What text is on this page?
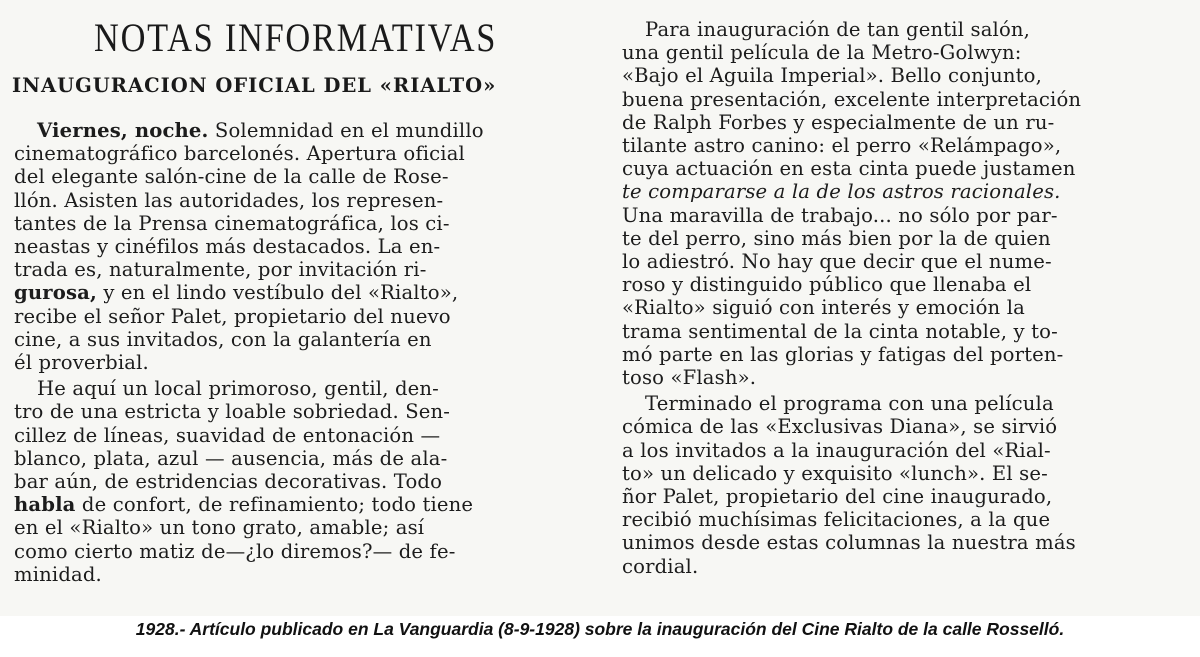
NOTAS INFORMATIVAS
INAUGURACION OFICIAL DEL «RIALTO»
Viernes, noche. Solemnidad en el mundillo
cinematográfico barcelonés. Apertura oficial
del elegante salón-cine de la calle de Rose-
llón. Asisten las autoridades, los represen-
tantes de la Prensa cinematográfica, los ci-
neastas y cinéfilos más destacados. La en-
trada es, naturalmente, por invitación ri-
gurosa, y en el lindo vestíbulo del «Rialto»,
recibe el señor Palet, propietario del nuevo
cine, a sus invitados, con la galantería en
él proverbial.
He aquí un local primoroso, gentil, den-
tro de una estricta y loable sobriedad. Sen-
cillez de líneas, suavidad de entonación —
blanco, plata, azul — ausencia, más de ala-
bar aún, de estridencias decorativas. Todo
habla de confort, de refinamiento; todo tiene
en el «Rialto» un tono grato, amable; así
como cierto matiz de—¿lo diremos?— de fe-
minidad.
Para inauguración de tan gentil salón,
una gentil película de la Metro-Golwyn:
«Bajo el Aguila Imperial». Bello conjunto,
buena presentación, excelente interpretación
de Ralph Forbes y especialmente de un ru-
tilante astro canino: el perro «Relámpago»,
cuya actuación en esta cinta puede justamen
te compararse a la de los astros racionales.
Una maravilla de trabajo... no sólo por par-
te del perro, sino más bien por la de quien
lo adiestró. No hay que decir que el nume-
roso y distinguido público que llenaba el
«Rialto» siguió con interés y emoción la
trama sentimental de la cinta notable, y to-
mó parte en las glorias y fatigas del porten-
toso «Flash».
Terminado el programa con una película
cómica de las «Exclusivas Diana», se sirvió
a los invitados a la inauguración del «Rial-
to» un delicado y exquisito «lunch». El se-
ñor Palet, propietario del cine inaugurado,
recibió muchísimas felicitaciones, a la que
unimos desde estas columnas la nuestra más
cordial.
1928.- Artículo publicado en La Vanguardia (8-9-1928) sobre la inauguración del Cine Rialto de la calle Rosselló.
